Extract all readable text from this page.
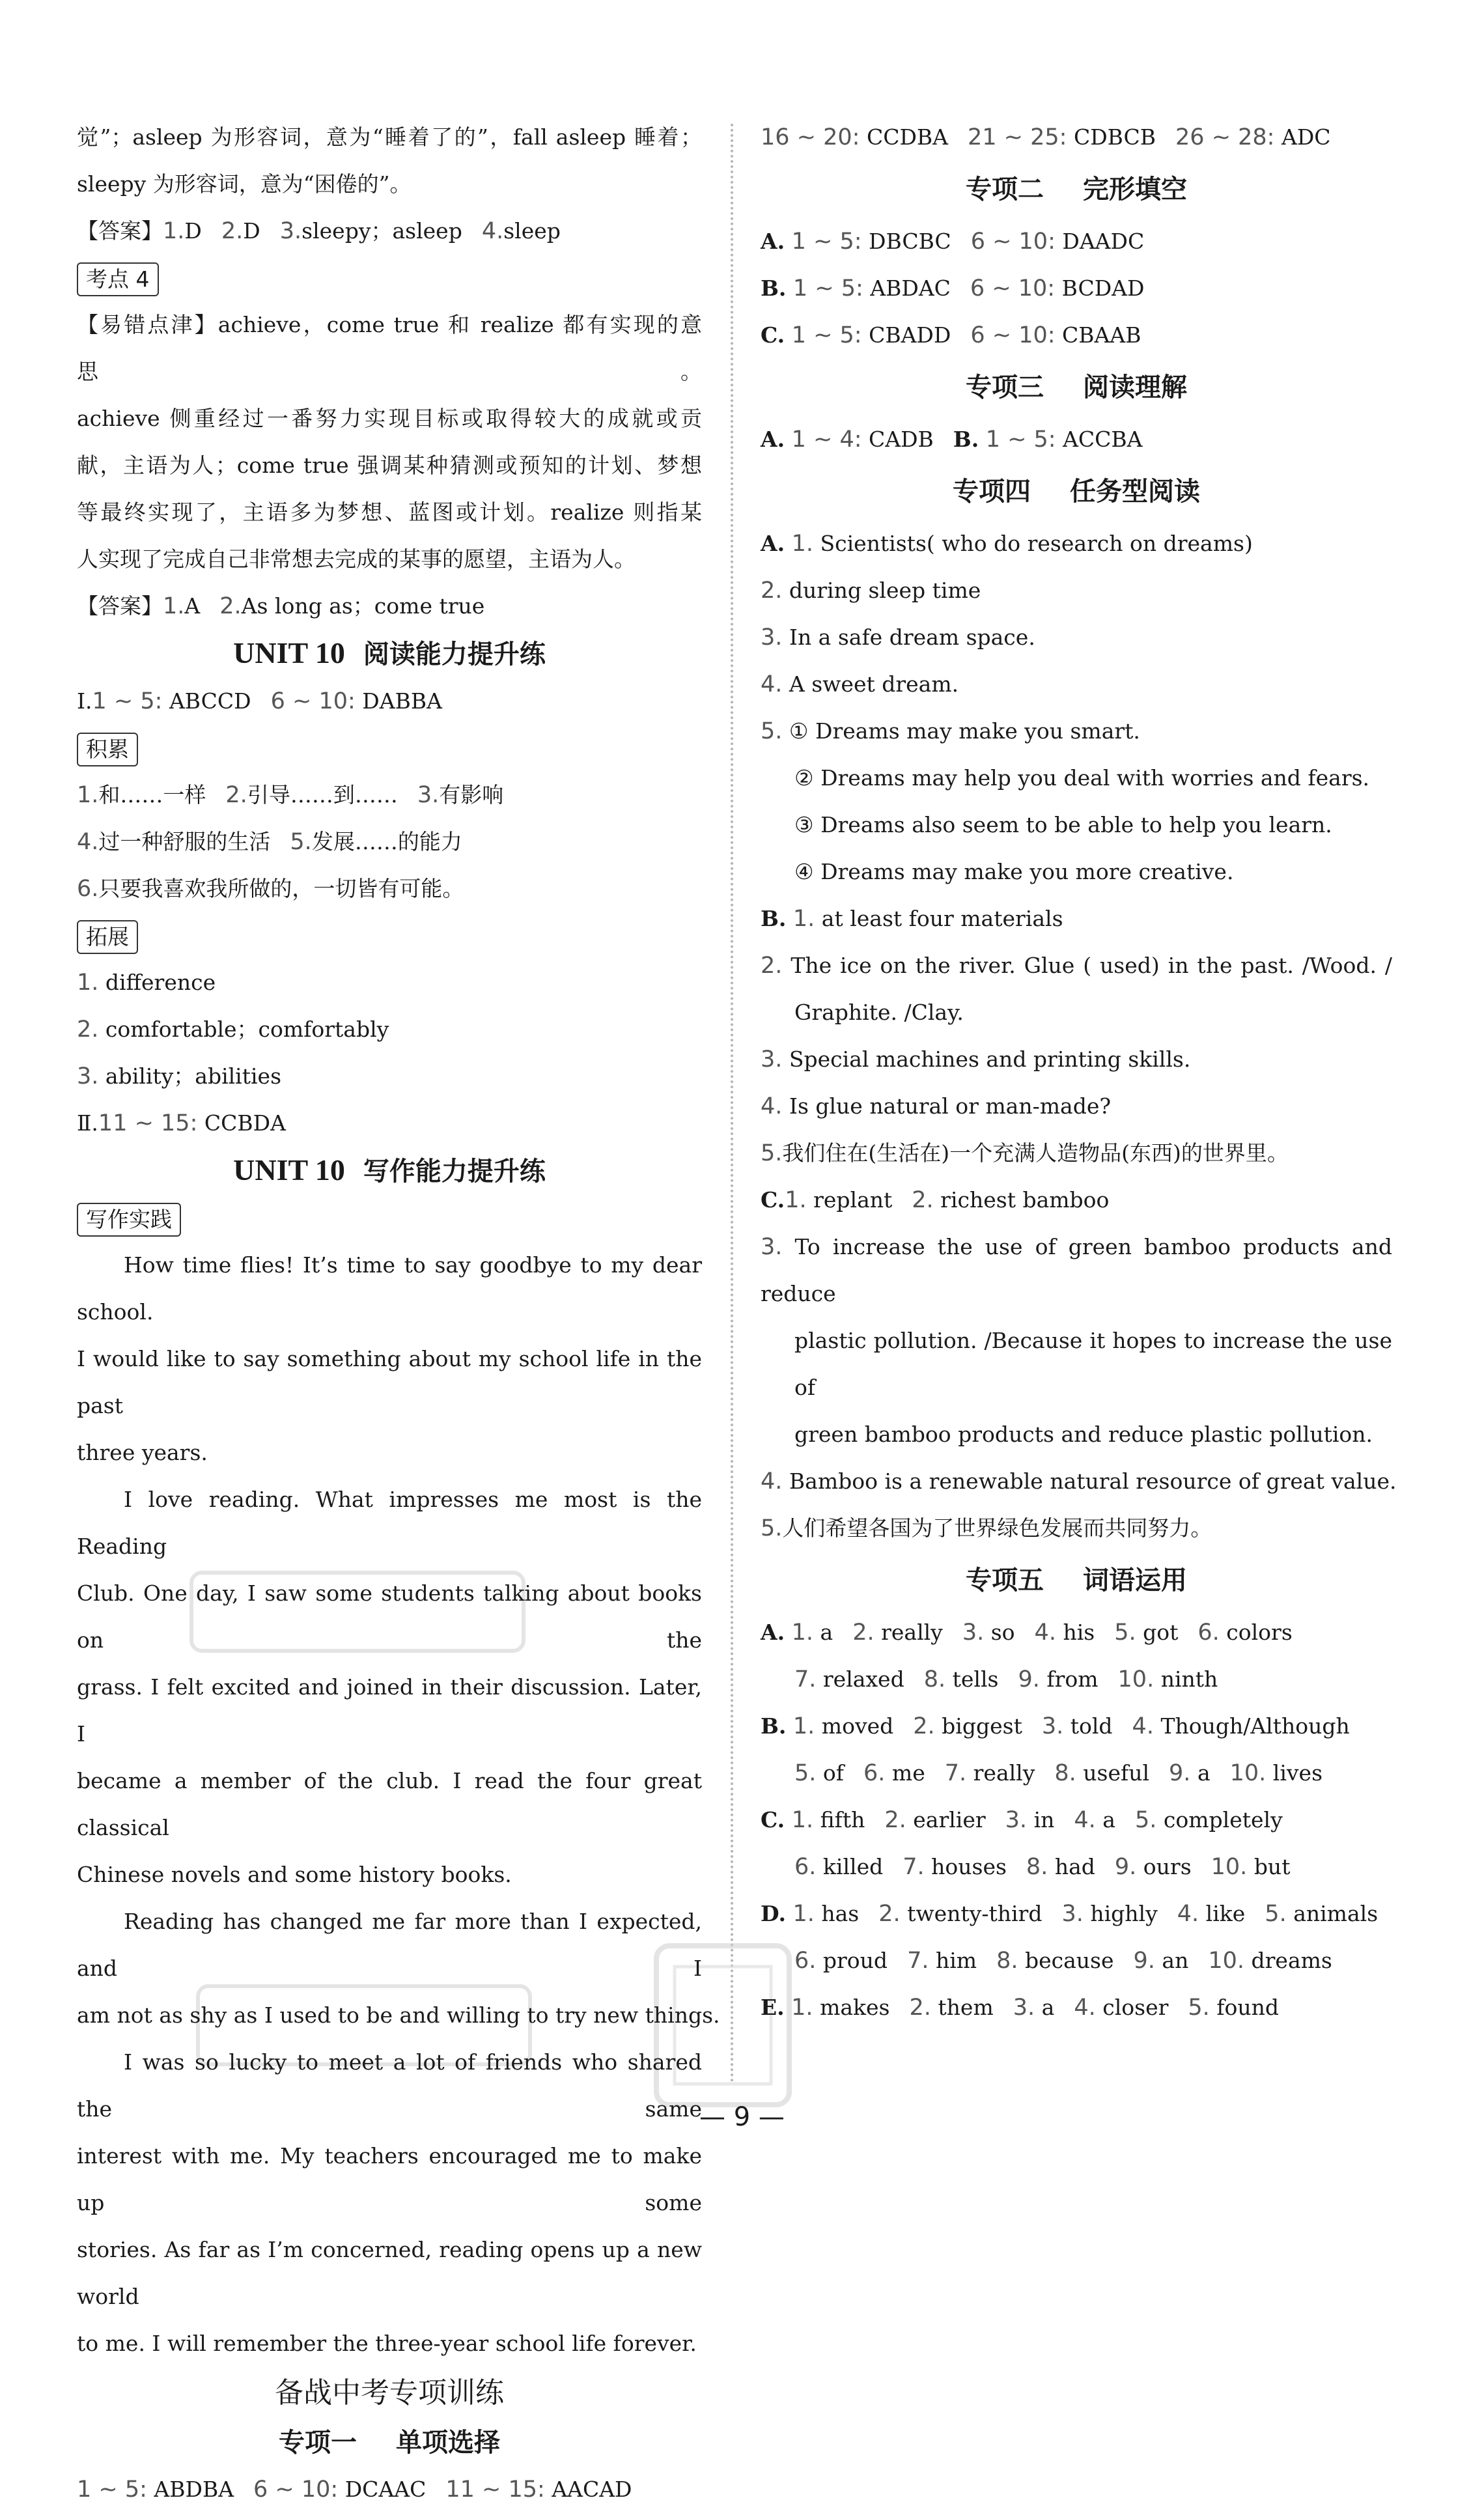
觉”；asleep 为形容词，意为“睡着了的”，fall asleep 睡着；
sleepy 为形容词，意为“困倦的”。
【答案】1.D 2.D 3.sleepy；asleep 4.sleep
考点 4
【易错点津】achieve，come true 和 realize 都有实现的意思。
achieve 侧重经过一番努力实现目标或取得较大的成就或贡
献，主语为人；come true 强调某种猜测或预知的计划、梦想
等最终实现了，主语多为梦想、蓝图或计划。realize 则指某
人实现了完成自己非常想去完成的某事的愿望，主语为人。
【答案】1.A 2.As long as；come true
UNIT 10 阅读能力提升练
Ⅰ.1 ~ 5: ABCCD 6 ~ 10: DABBA
积累
1.和……一样 2.引导……到…… 3.有影响
4.过一种舒服的生活 5.发展……的能力
6.只要我喜欢我所做的，一切皆有可能。
拓展
1. difference
2. comfortable；comfortably
3. ability；abilities
Ⅱ.11 ~ 15: CCBDA
UNIT 10 写作能力提升练
写作实践
How time flies! It’s time to say goodbye to my dear school.
I would like to say something about my school life in the past
three years.
I love reading. What impresses me most is the Reading
Club. One day, I saw some students talking about books on the
grass. I felt excited and joined in their discussion. Later, I
became a member of the club. I read the four great classical
Chinese novels and some history books.
Reading has changed me far more than I expected, and I
am not as shy as I used to be and willing to try new things.
I was so lucky to meet a lot of friends who shared the same
interest with me. My teachers encouraged me to make up some
stories. As far as I’m concerned, reading opens up a new world
to me. I will remember the three-year school life forever.
备战中考专项训练
专项一 单项选择
1 ~ 5: ABDBA 6 ~ 10: DCAAC 11 ~ 15: AACAD
16 ~ 20: CCDBA 21 ~ 25: CDBCB 26 ~ 28: ADC
专项二 完形填空
A. 1 ~ 5: DBCBC 6 ~ 10: DAADC
B. 1 ~ 5: ABDAC 6 ~ 10: BCDAD
C. 1 ~ 5: CBADD 6 ~ 10: CBAAB
专项三 阅读理解
A. 1 ~ 4: CADB B. 1 ~ 5: ACCBA
专项四 任务型阅读
A. 1. Scientists( who do research on dreams)
2. during sleep time
3. In a safe dream space.
4. A sweet dream.
5. ① Dreams may make you smart.
② Dreams may help you deal with worries and fears.
③ Dreams also seem to be able to help you learn.
④ Dreams may make you more creative.
B. 1. at least four materials
2. The ice on the river. Glue ( used) in the past. /Wood. /
Graphite. /Clay.
3. Special machines and printing skills.
4. Is glue natural or man-made?
5.我们住在(生活在)一个充满人造物品(东西)的世界里。
C.1. replant 2. richest bamboo
3. To increase the use of green bamboo products and reduce
plastic pollution. /Because it hopes to increase the use of
green bamboo products and reduce plastic pollution.
4. Bamboo is a renewable natural resource of great value.
5.人们希望各国为了世界绿色发展而共同努力。
专项五 词语运用
A. 1. a 2. really 3. so 4. his 5. got 6. colors
7. relaxed 8. tells 9. from 10. ninth
B. 1. moved 2. biggest 3. told 4. Though/Although
5. of 6. me 7. really 8. useful 9. a 10. lives
C. 1. fifth 2. earlier 3. in 4. a 5. completely
6. killed 7. houses 8. had 9. ours 10. but
D. 1. has 2. twenty-third 3. highly 4. like 5. animals
6. proud 7. him 8. because 9. an 10. dreams
E. 1. makes 2. them 3. a 4. closer 5. found
— 9 —
